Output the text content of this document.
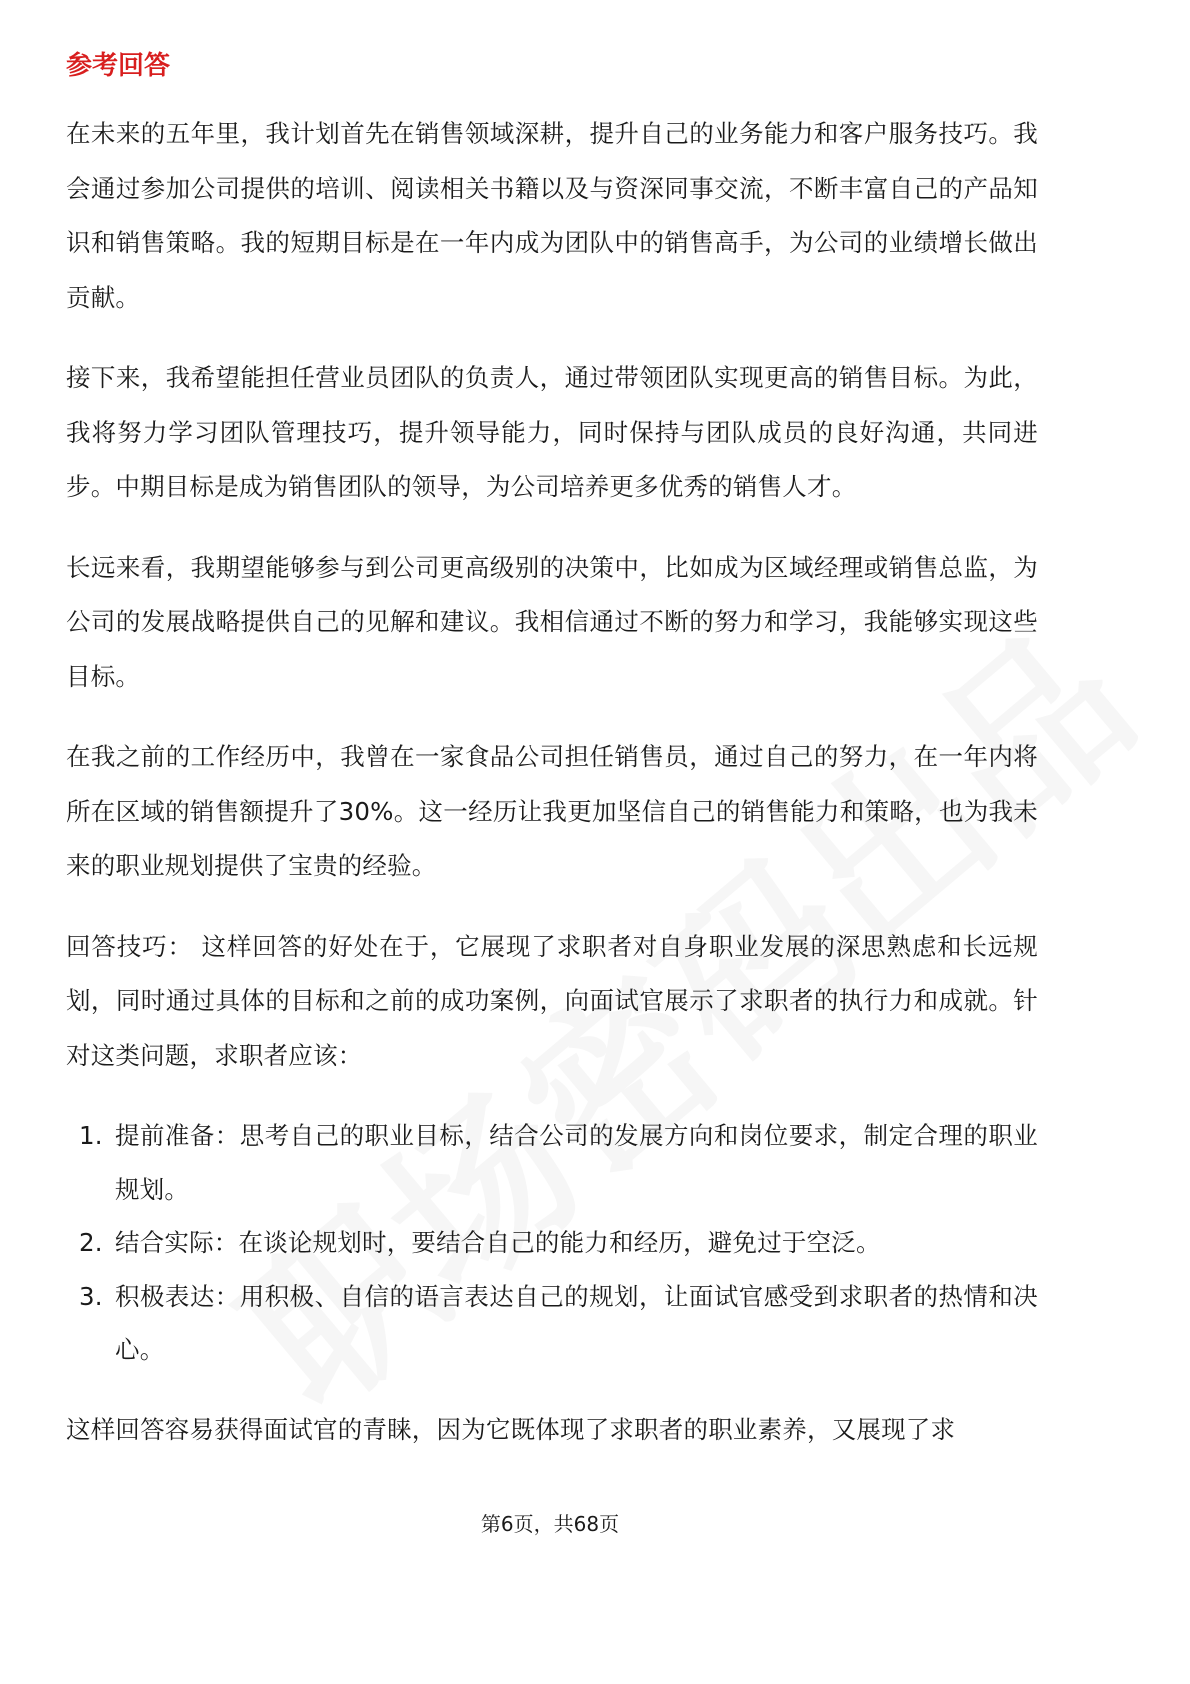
参考回答

在未来的五年里，我计划首先在销售领域深耕，提升自己的业务能力和客户服务技巧。我会通过参加公司提供的培训、阅读相关书籍以及与资深同事交流，不断丰富自己的产品知识和销售策略。我的短期目标是在一年内成为团队中的销售高手，为公司的业绩增长做出贡献。

接下来，我希望能担任营业员团队的负责人，通过带领团队实现更高的销售目标。为此，我将努力学习团队管理技巧，提升领导能力，同时保持与团队成员的良好沟通，共同进步。中期目标是成为销售团队的领导，为公司培养更多优秀的销售人才。

长远来看，我期望能够参与到公司更高级别的决策中，比如成为区域经理或销售总监，为公司的发展战略提供自己的见解和建议。我相信通过不断的努力和学习，我能够实现这些目标。

在我之前的工作经历中，我曾在一家食品公司担任销售员，通过自己的努力，在一年内将所在区域的销售额提升了30%。这一经历让我更加坚信自己的销售能力和策略，也为我未来的职业规划提供了宝贵的经验。

回答技巧： 这样回答的好处在于，它展现了求职者对自身职业发展的深思熟虑和长远规划，同时通过具体的目标和之前的成功案例，向面试官展示了求职者的执行力和成就。针对这类问题，求职者应该：

1. 提前准备：思考自己的职业目标，结合公司的发展方向和岗位要求，制定合理的职业规划。
2. 结合实际：在谈论规划时，要结合自己的能力和经历，避免过于空泛。
3. 积极表达：用积极、自信的语言表达自己的规划，让面试官感受到求职者的热情和决心。

这样回答容易获得面试官的青睐，因为它既体现了求职者的职业素养，又展现了求

第6页，共68页
